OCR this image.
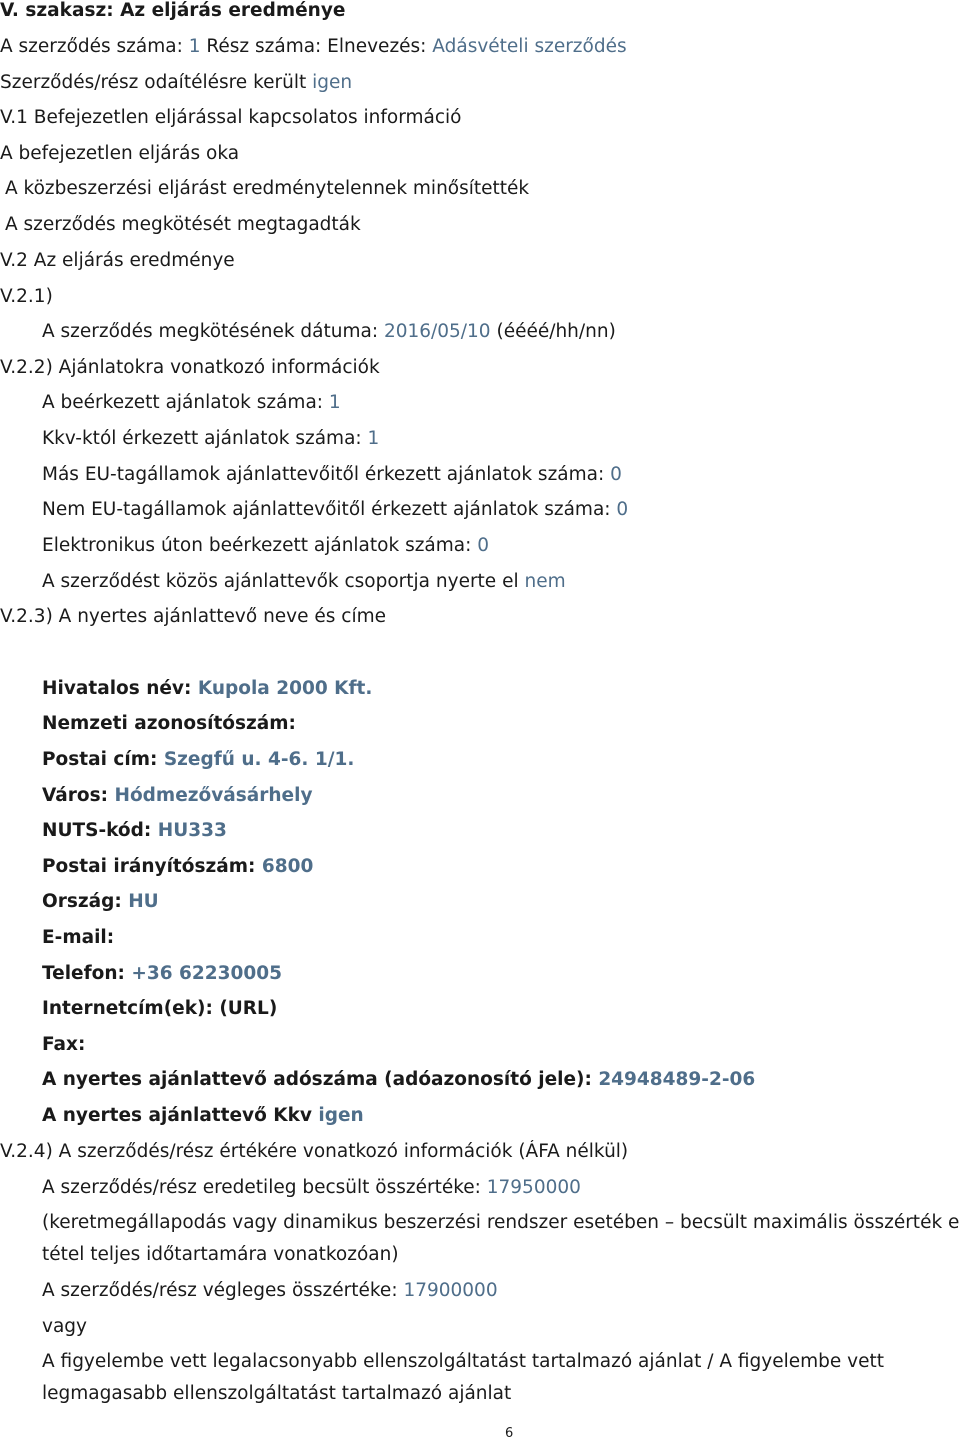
V. szakasz: Az eljárás eredménye
A szerződés száma: 1 Rész száma: Elnevezés: Adásvételi szerződés
Szerződés/rész odaítélésre került igen
V.1 Befejezetlen eljárással kapcsolatos információ
A befejezetlen eljárás oka
A közbeszerzési eljárást eredménytelennek minősítették
A szerződés megkötését megtagadták
V.2 Az eljárás eredménye
V.2.1)
A szerződés megkötésének dátuma: 2016/05/10 (éééé/hh/nn)
V.2.2) Ajánlatokra vonatkozó információk
A beérkezett ajánlatok száma: 1
Kkv-któl érkezett ajánlatok száma: 1
Más EU-tagállamok ajánlattevőitől érkezett ajánlatok száma: 0
Nem EU-tagállamok ajánlattevőitől érkezett ajánlatok száma: 0
Elektronikus úton beérkezett ajánlatok száma: 0
A szerződést közös ajánlattevők csoportja nyerte el nem
V.2.3) A nyertes ajánlattevő neve és címe
Hivatalos név: Kupola 2000 Kft.
Nemzeti azonosítószám:
Postai cím: Szegfű u. 4-6. 1/1.
Város: Hódmezővásárhely
NUTS-kód: HU333
Postai irányítószám: 6800
Ország: HU
E-mail:
Telefon: +36 62230005
Internetcím(ek): (URL)
Fax:
A nyertes ajánlattevő adószáma (adóazonosító jele): 24948489-2-06
A nyertes ajánlattevő Kkv igen
V.2.4) A szerződés/rész értékére vonatkozó információk (ÁFA nélkül)
A szerződés/rész eredetileg becsült összértéke: 17950000
(keretmegállapodás vagy dinamikus beszerzési rendszer esetében – becsült maximális összérték e
tétel teljes időtartamára vonatkozóan)
A szerződés/rész végleges összértéke: 17900000
vagy
A figyelembe vett legalacsonyabb ellenszolgáltatást tartalmazó ajánlat / A figyelembe vett
legmagasabb ellenszolgáltatást tartalmazó ajánlat
6
